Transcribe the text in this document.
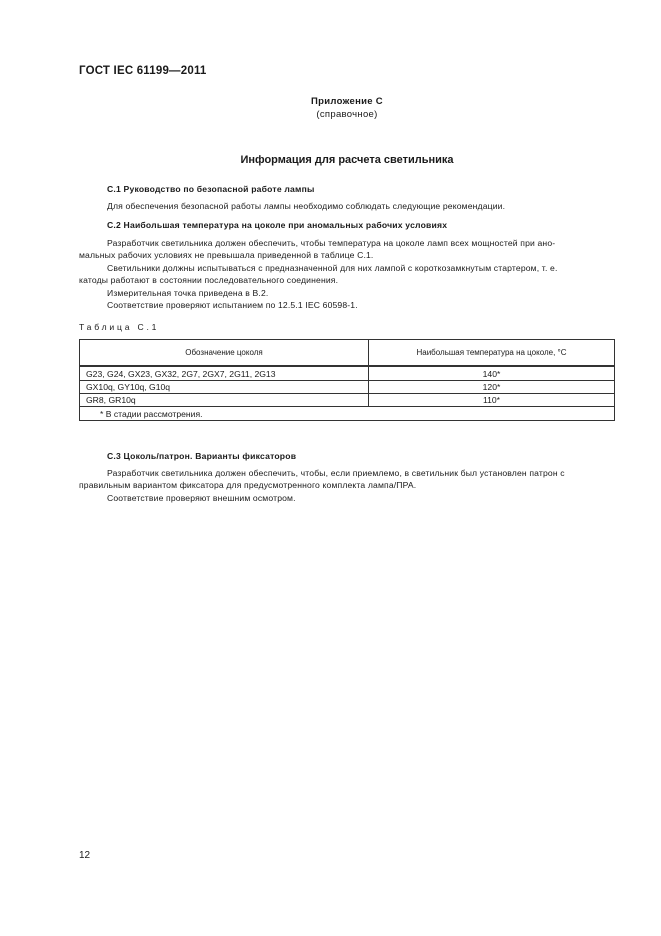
ГОСТ IEC 61199—2011
Приложение С
(справочное)
Информация для расчета светильника
С.1 Руководство по безопасной работе лампы
Для обеспечения безопасной работы лампы необходимо соблюдать следующие рекомендации.
С.2 Наибольшая температура на цоколе при аномальных рабочих условиях
Разработчик светильника должен обеспечить, чтобы температура на цоколе ламп всех мощностей при ано-
мальных рабочих условиях не превышала приведенной в таблице С.1.
Светильники должны испытываться с предназначенной для них лампой с короткозамкнутым стартером, т. е.
катоды работают в состоянии последовательного соединения.
Измерительная точка приведена в В.2.
Соответствие проверяют испытанием по 12.5.1 IEC 60598-1.
Таблица С.1
Обозначение цоколя	Наибольшая температура на цоколе, °С
G23, G24, GX23, GX32, 2G7, 2GX7, 2G11, 2G13	140*
GX10q, GY10q, G10q	120*
GR8, GR10q	110*
* В стадии рассмотрения.	
С.3 Цоколь/патрон. Варианты фиксаторов
Разработчик светильника должен обеспечить, чтобы, если приемлемо, в светильник был установлен патрон с
правильным вариантом фиксатора для предусмотренного комплекта лампа/ПРА.
Соответствие проверяют внешним осмотром.
12
